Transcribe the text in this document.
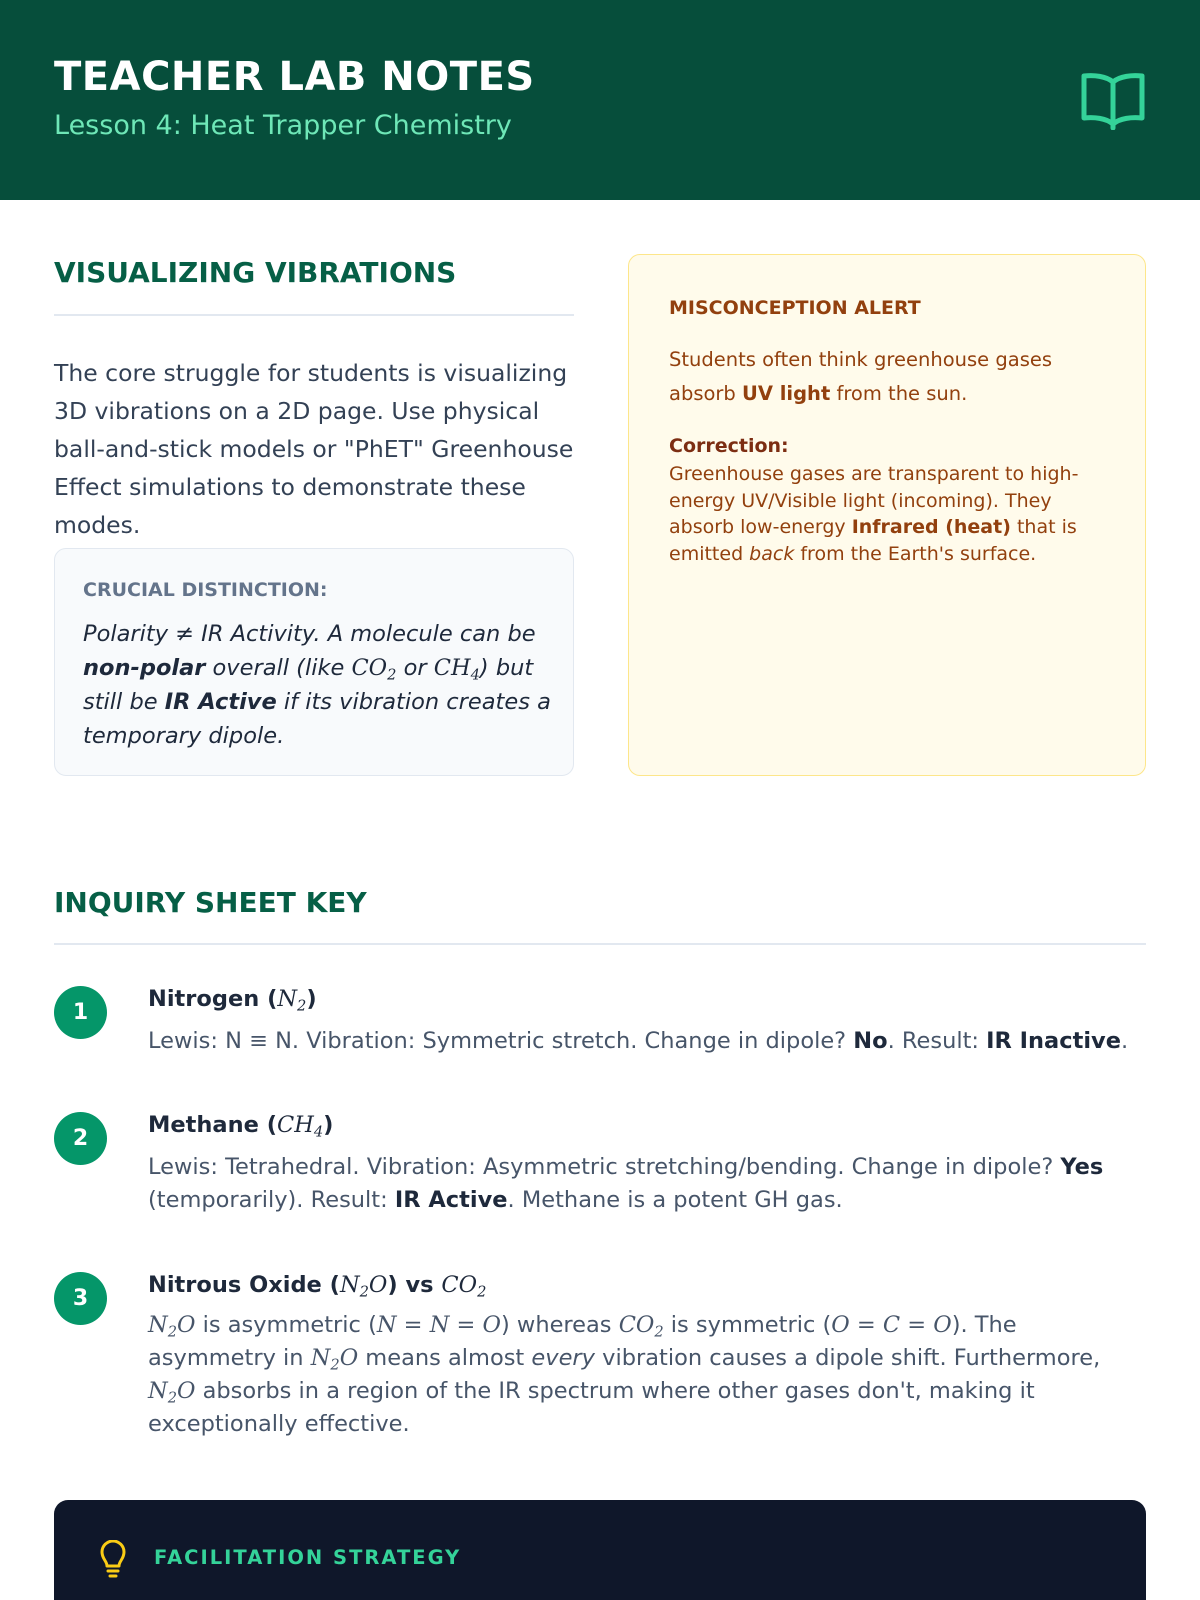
TEACHER LAB NOTES
Lesson 4: Heat Trapper Chemistry
VISUALIZING VIBRATIONS
The core struggle for students is visualizing 3D vibrations on a 2D page. Use physical ball-and-stick models or "PhET" Greenhouse Effect simulations to demonstrate these modes.
CRUCIAL DISTINCTION:
Polarity ≠ IR Activity. A molecule can be non-polar overall (like $CO_2$ or $CH_4$) but still be IR Active if its vibration creates a temporary dipole.
MISCONCEPTION ALERT
Students often think greenhouse gases absorb UV light from the sun.
Correction:
Greenhouse gases are transparent to high-energy UV/Visible light (incoming). They absorb low-energy Infrared (heat) that is emitted back from the Earth's surface.
INQUIRY SHEET KEY
1
Nitrogen $(N_2)$
Lewis: N ≡ N. Vibration: Symmetric stretch. Change in dipole? No. Result: IR Inactive.
2
Methane $(CH_4)$
Lewis: Tetrahedral. Vibration: Asymmetric stretching/bending. Change in dipole? Yes (temporarily). Result: IR Active. Methane is a potent GH gas.
3
Nitrous Oxide $(N_2O)$ vs $CO_2$
$N_2O$ is asymmetric (N = N = O) whereas $CO_2$ is symmetric (O = C = O). The asymmetry in $N_2O$ means almost every vibration causes a dipole shift. Furthermore, $N_2O$ absorbs in a region of the IR spectrum where other gases don't, making it exceptionally effective.
FACILITATION STRATEGY
